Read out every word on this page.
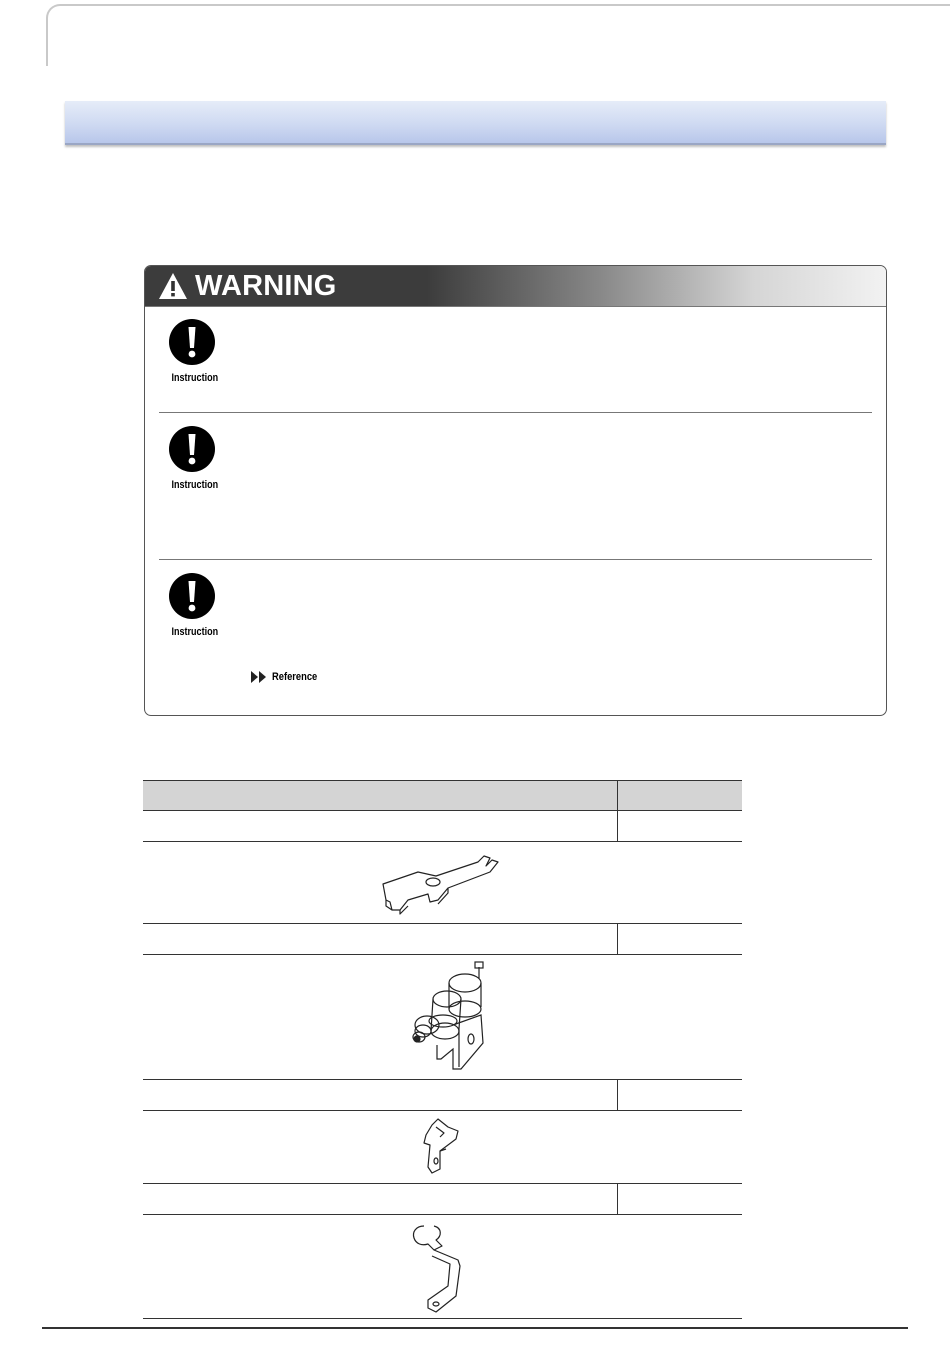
WARNING
Instruction
Instruction
Instruction
Reference
